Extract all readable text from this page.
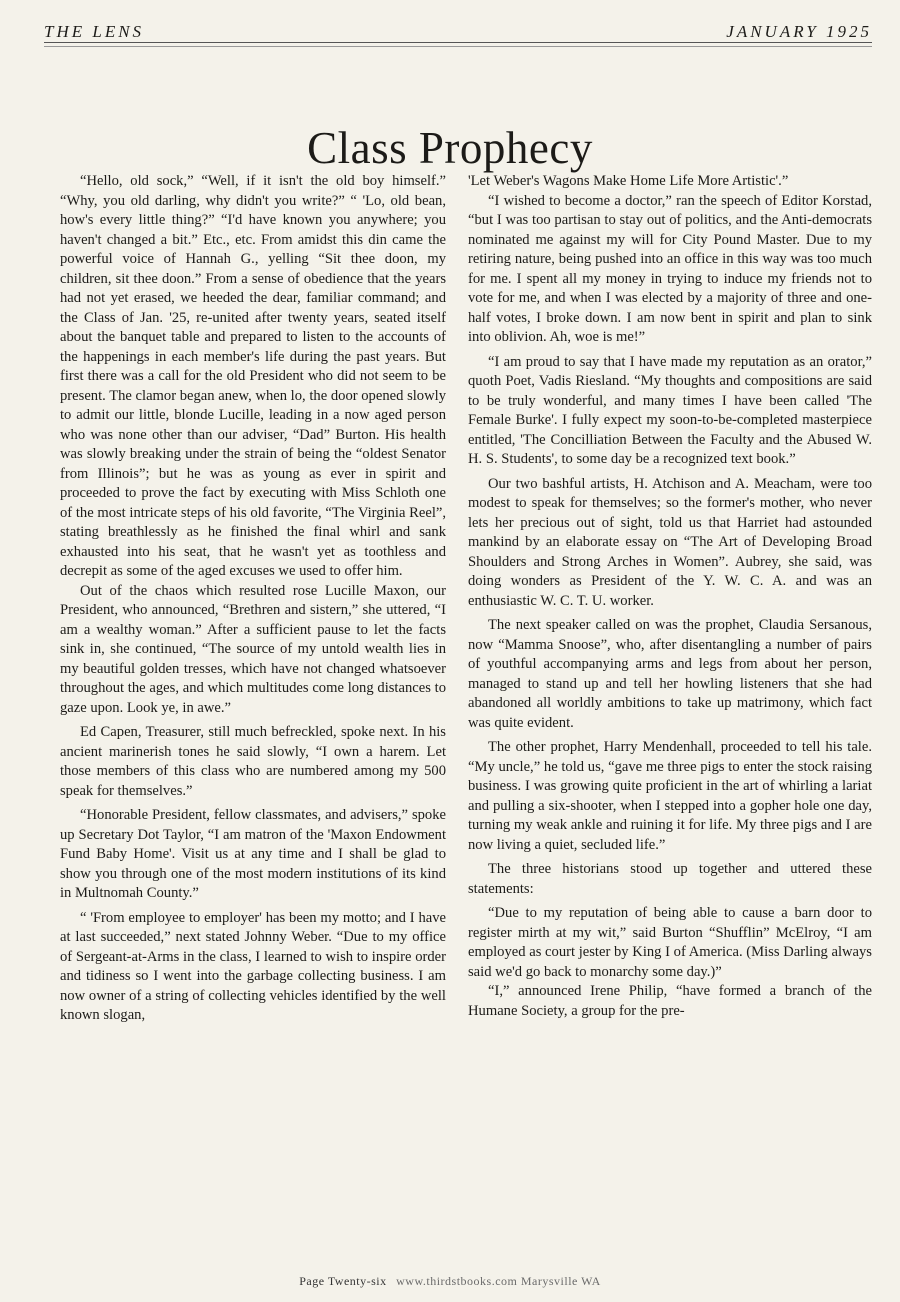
THE LENS	JANUARY 1925
Class Prophecy

“Hello, old sock,” “Well, if it isn't the old boy himself.” “Why, you old darling, why didn't you write?” “ 'Lo, old bean, how's every little thing?” “I'd have known you anywhere; you haven't changed a bit.” Etc., etc. From amidst this din came the powerful voice of Hannah G., yelling “Sit thee doon, my children, sit thee doon.” From a sense of obedience that the years had not yet erased, we heeded the dear, familiar command; and the Class of Jan. '25, re-united after twenty years, seated itself about the banquet table and prepared to listen to the accounts of the happenings in each member's life during the past years. But first there was a call for the old President who did not seem to be present. The clamor began anew, when lo, the door opened slowly to admit our little, blonde Lucille, leading in a now aged person who was none other than our adviser, “Dad” Burton. His health was slowly breaking under the strain of being the “oldest Senator from Illinois”; but he was as young as ever in spirit and proceeded to prove the fact by executing with Miss Schloth one of the most intricate steps of his old favorite, “The Virginia Reel”, stating breathlessly as he finished the final whirl and sank exhausted into his seat, that he wasn't yet as toothless and decrepit as some of the aged excuses we used to offer him.

Out of the chaos which resulted rose Lucille Maxon, our President, who announced, “Brethren and sistern,” she uttered, “I am a wealthy woman.” After a sufficient pause to let the facts sink in, she continued, “The source of my untold wealth lies in my beautiful golden tresses, which have not changed whatsoever throughout the ages, and which multitudes come long distances to gaze upon. Look ye, in awe.”

Ed Capen, Treasurer, still much befreckled, spoke next. In his ancient marinerish tones he said slowly, “I own a harem. Let those members of this class who are numbered among my 500 speak for themselves.”

“Honorable President, fellow classmates, and advisers,” spoke up Secretary Dot Taylor, “I am matron of the 'Maxon Endowment Fund Baby Home'. Visit us at any time and I shall be glad to show you through one of the most modern institutions of its kind in Multnomah County.”

“ 'From employee to employer' has been my motto; and I have at last succeeded,” next stated Johnny Weber. “Due to my office of Sergeant-at-Arms in the class, I learned to wish to inspire order and tidiness so I went into the garbage collecting business. I am now owner of a string of collecting vehicles identified by the well known slogan,

'Let Weber's Wagons Make Home Life More Artistic'.”

“I wished to become a doctor,” ran the speech of Editor Korstad, “but I was too partisan to stay out of politics, and the Anti-democrats nominated me against my will for City Pound Master. Due to my retiring nature, being pushed into an office in this way was too much for me. I spent all my money in trying to induce my friends not to vote for me, and when I was elected by a majority of three and one-half votes, I broke down. I am now bent in spirit and plan to sink into oblivion. Ah, woe is me!”

“I am proud to say that I have made my reputation as an orator,” quoth Poet, Vadis Riesland. “My thoughts and compositions are said to be truly wonderful, and many times I have been called 'The Female Burke'. I fully expect my soon-to-be-completed masterpiece entitled, 'The Concilliation Between the Faculty and the Abused W. H. S. Students', to some day be a recognized text book.”

Our two bashful artists, H. Atchison and A. Meacham, were too modest to speak for themselves; so the former's mother, who never lets her precious out of sight, told us that Harriet had astounded mankind by an elaborate essay on “The Art of Developing Broad Shoulders and Strong Arches in Women”. Aubrey, she said, was doing wonders as President of the Y. W. C. A. and was an enthusiastic W. C. T. U. worker.

The next speaker called on was the prophet, Claudia Sersanous, now “Mamma Snoose”, who, after disentangling a number of pairs of youthful accompanying arms and legs from about her person, managed to stand up and tell her howling listeners that she had abandoned all worldly ambitions to take up matrimony, which fact was quite evident.

The other prophet, Harry Mendenhall, proceeded to tell his tale. “My uncle,” he told us, “gave me three pigs to enter the stock raising business. I was growing quite proficient in the art of whirling a lariat and pulling a six-shooter, when I stepped into a gopher hole one day, turning my weak ankle and ruining it for life. My three pigs and I are now living a quiet, secluded life.”

The three historians stood up together and uttered these statements:

“Due to my reputation of being able to cause a barn door to register mirth at my wit,” said Burton “Shufflin” McElroy, “I am employed as court jester by King I of America. (Miss Darling always said we'd go back to monarchy some day.)”

“I,” announced Irene Philip, “have formed a branch of the Humane Society, a group for the pre-

Page Twenty-six www.thirdstbooks.com Marysville WA
